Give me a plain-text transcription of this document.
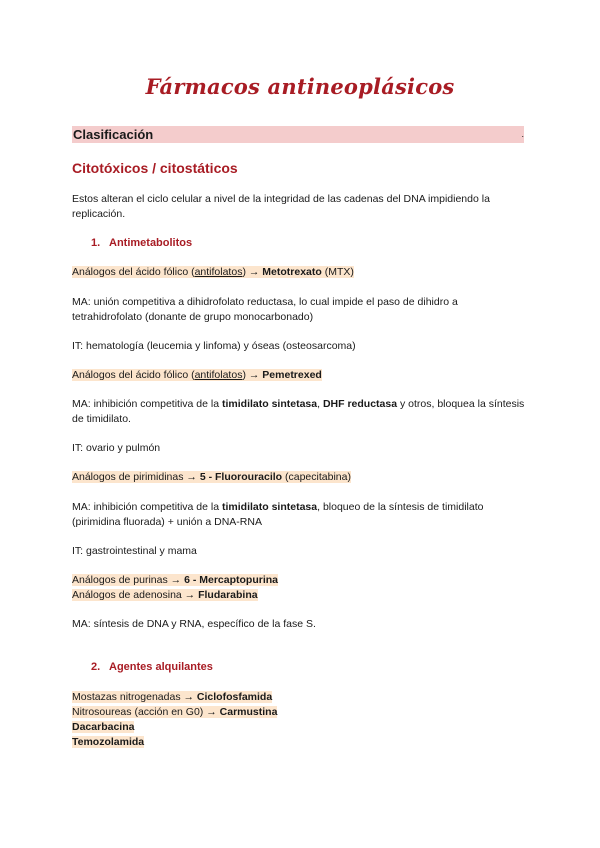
Fármacos antineoplásicos
Clasificación	.
Citotóxicos / citostáticos
Estos alteran el ciclo celular a nivel de la integridad de las cadenas del DNA impidiendo la replicación.
1. Antimetabolitos
Análogos del ácido fólico (antifolatos) → Metotrexato (MTX)
MA: unión competitiva a dihidrofolato reductasa, lo cual impide el paso de dihidro a tetrahidrofolato (donante de grupo monocarbonado)
IT: hematología (leucemia y linfoma) y óseas (osteosarcoma)
Análogos del ácido fólico (antifolatos) → Pemetrexed
MA: inhibición competitiva de la timidilato sintetasa, DHF reductasa y otros, bloquea la síntesis de timidilato.
IT: ovario y pulmón
Análogos de pirimidinas → 5 - Fluorouracilo (capecitabina)
MA: inhibición competitiva de la timidilato sintetasa, bloqueo de la síntesis de timidilato (pirimidina fluorada) + unión a DNA-RNA
IT: gastrointestinal y mama
Análogos de purinas → 6 - Mercaptopurina
Análogos de adenosina → Fludarabina
MA: síntesis de DNA y RNA, específico de la fase S.
2. Agentes alquilantes
Mostazas nitrogenadas → Ciclofosfamida
Nitrosoureas (acción en G0) → Carmustina
Dacarbacina
Temozolamida
